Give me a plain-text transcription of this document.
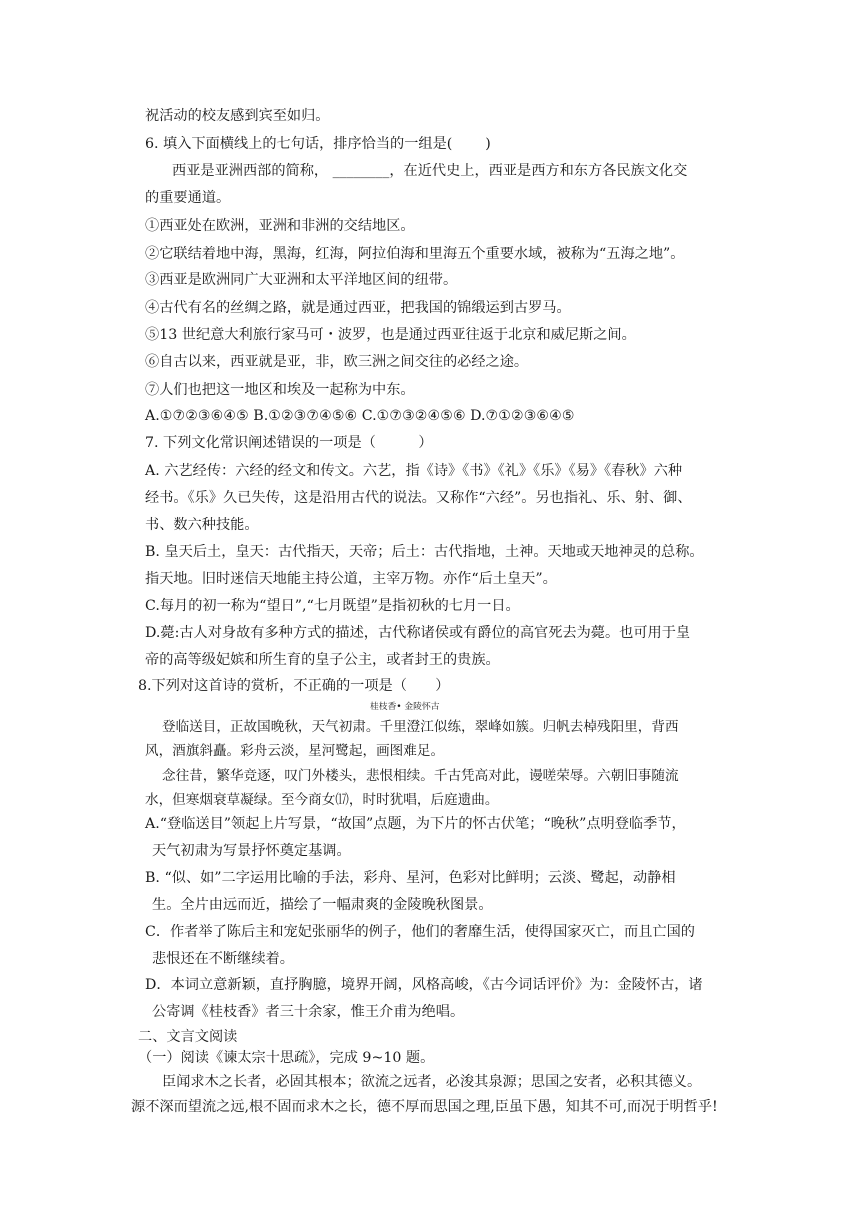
祝活动的校友感到宾至如归。
6. 填入下面横线上的七句话，排序恰当的一组是(　　 )
西亚是亚洲西部的简称， ________，在近代史上，西亚是西方和东方各民族文化交
的重要通道。
①西亚处在欧洲，亚洲和非洲的交结地区。
②它联结着地中海，黑海，红海，阿拉伯海和里海五个重要水域，被称为“五海之地”。
③西亚是欧洲同广大亚洲和太平洋地区间的纽带。
④古代有名的丝绸之路，就是通过西亚，把我国的锦缎运到古罗马。
⑤13 世纪意大利旅行家马可・波罗，也是通过西亚往返于北京和威尼斯之间。
⑥自古以来，西亚就是亚，非，欧三洲之间交往的必经之途。
⑦人们也把这一地区和埃及一起称为中东。
A.①⑦②③⑥④⑤ B.①②③⑦④⑤⑥ C.①⑦③②④⑤⑥ D.⑦①②③⑥④⑤
7. 下列文化常识阐述错误的一项是（　　　）
A. 六艺经传：六经的经文和传文。六艺，指《诗》《书》《礼》《乐》《易》《春秋》六种
经书。《乐》久已失传，这是沿用古代的说法。又称作“六经”。另也指礼、乐、射、御、
书、数六种技能。
B. 皇天后土，皇天：古代指天，天帝；后土：古代指地，土神。天地或天地神灵的总称。
指天地。旧时迷信天地能主持公道，主宰万物。亦作“后土皇天”。
C.每月的初一称为“望日”,“七月既望”是指初秋的七月一日。
D.薨:古人对身故有多种方式的描述，古代称诸侯或有爵位的高官死去为薨。也可用于皇
帝的高等级妃嫔和所生育的皇子公主，或者封王的贵族。
8.下列对这首诗的赏析，不正确的一项是（　　）
桂枝香• 金陵怀古
登临送目，正故国晚秋，天气初肃。千里澄江似练，翠峰如簇。归帆去棹残阳里，背西
风，酒旗斜矗。彩舟云淡，星河鹭起，画图难足。
念往昔，繁华竞逐，叹门外楼头，悲恨相续。千古凭高对此，谩嗟荣辱。六朝旧事随流
水，但寒烟衰草凝绿。至今商女⒄，时时犹唱，后庭遗曲。
A.“登临送目”领起上片写景，“故国”点题，为下片的怀古伏笔；“晚秋”点明登临季节，
天气初肃为写景抒怀奠定基调。
B. “似、如”二字运用比喻的手法，彩舟、星河，色彩对比鲜明；云淡、鹭起，动静相
生。全片由远而近，描绘了一幅肃爽的金陵晚秋图景。
C．作者举了陈后主和宠妃张丽华的例子，他们的奢靡生活，使得国家灭亡，而且亡国的
悲恨还在不断继续着。
D．本词立意新颖，直抒胸臆，境界开阔，风格高峻，《古今词话评价》为：金陵怀古，诸
公寄调《桂枝香》者三十余家，惟王介甫为绝唱。
二、文言文阅读
（一）阅读《谏太宗十思疏》，完成 9~10 题。
臣闻求木之长者，必固其根本；欲流之远者，必浚其泉源；思国之安者，必积其德义。
源不深而望流之远,根不固而求木之长，德不厚而思国之理,臣虽下愚，知其不可,而况于明哲乎!
